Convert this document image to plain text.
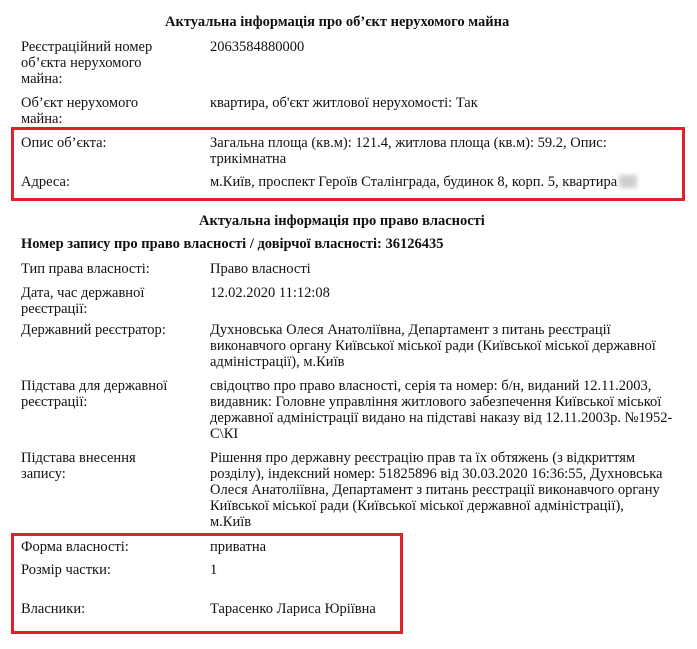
Актуальна інформація про об’єкт нерухомого майна
Реєстраційний номер об’єкта нерухомого майна:
2063584880000
Об’єкт нерухомого майна:
квартира, об'єкт житлової нерухомості: Так
Опис об’єкта:	Загальна площа (кв.м): 121.4, житлова площа (кв.м): 59.2, Опис: трикімнатна
Адреса:	м.Київ, проспект Героїв Сталінграда, будинок 8, корп. 5, квартира
Актуальна інформація про право власності
Номер запису про право власності / довірчої власності: 36126435
Тип права власності:	Право власності
Дата, час державної реєстрації:
12.02.2020 11:12:08
Державний реєстратор:	Духновська Олеся Анатоліївна, Департамент з питань реєстрації виконавчого органу Київської міської ради (Київської міської державної адміністрації), м.Київ
Підстава для державної реєстрації:
свідоцтво про право власності, серія та номер: б/н, виданий 12.11.2003, видавник: Головне управління житлового забезпечення Київської міської державної адміністрації видано на підставі наказу від 12.11.2003р. №1952-С\КІ
Підстава внесення запису:
Рішення про державну реєстрацію прав та їх обтяжень (з відкриттям розділу), індексний номер: 51825896 від 30.03.2020 16:36:55, Духновська Олеся Анатоліївна, Департамент з питань реєстрації виконавчого органу Київської міської ради (Київської міської державної адміністрації), м.Київ
Форма власності:	приватна
Розмір частки:	1
Власники:	Тарасенко Лариса Юріївна
